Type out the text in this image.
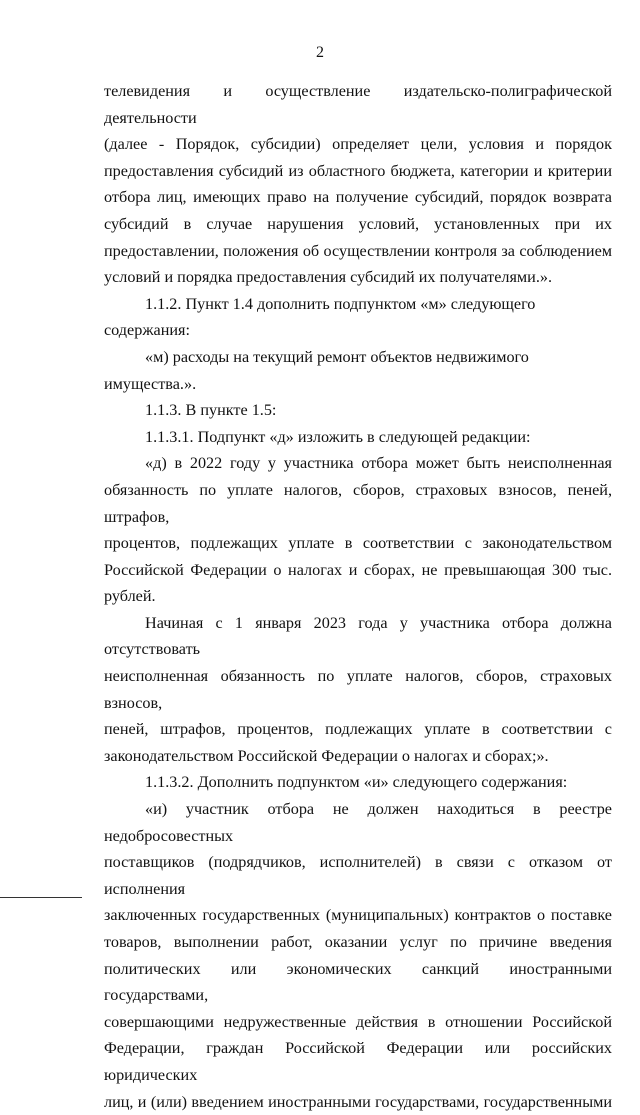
2
телевидения и осуществление издательско-полиграфической деятельности
(далее - Порядок, субсидии) определяет цели, условия и порядок
предоставления субсидий из областного бюджета, категории и критерии
отбора лиц, имеющих право на получение субсидий, порядок возврата
субсидий в случае нарушения условий, установленных при их
предоставлении, положения об осуществлении контроля за соблюдением
условий и порядка предоставления субсидий их получателями.».
1.1.2. Пункт 1.4 дополнить подпунктом «м» следующего содержания:
«м) расходы на текущий ремонт объектов недвижимого имущества.».
1.1.3. В пункте 1.5:
1.1.3.1. Подпункт «д» изложить в следующей редакции:
«д) в 2022 году у участника отбора может быть неисполненная
обязанность по уплате налогов, сборов, страховых взносов, пеней, штрафов,
процентов, подлежащих уплате в соответствии с законодательством
Российской Федерации о налогах и сборах, не превышающая 300 тыс.
рублей.
Начиная с 1 января 2023 года у участника отбора должна отсутствовать
неисполненная обязанность по уплате налогов, сборов, страховых взносов,
пеней, штрафов, процентов, подлежащих уплате в соответствии с
законодательством Российской Федерации о налогах и сборах;».
1.1.3.2. Дополнить подпунктом «и» следующего содержания:
«и) участник отбора не должен находиться в реестре недобросовестных
поставщиков (подрядчиков, исполнителей) в связи с отказом от исполнения
заключенных государственных (муниципальных) контрактов о поставке
товаров, выполнении работ, оказании услуг по причине введения
политических или экономических санкций иностранными государствами,
совершающими недружественные действия в отношении Российской
Федерации, граждан Российской Федерации или российских юридических
лиц, и (или) введением иностранными государствами, государственными
